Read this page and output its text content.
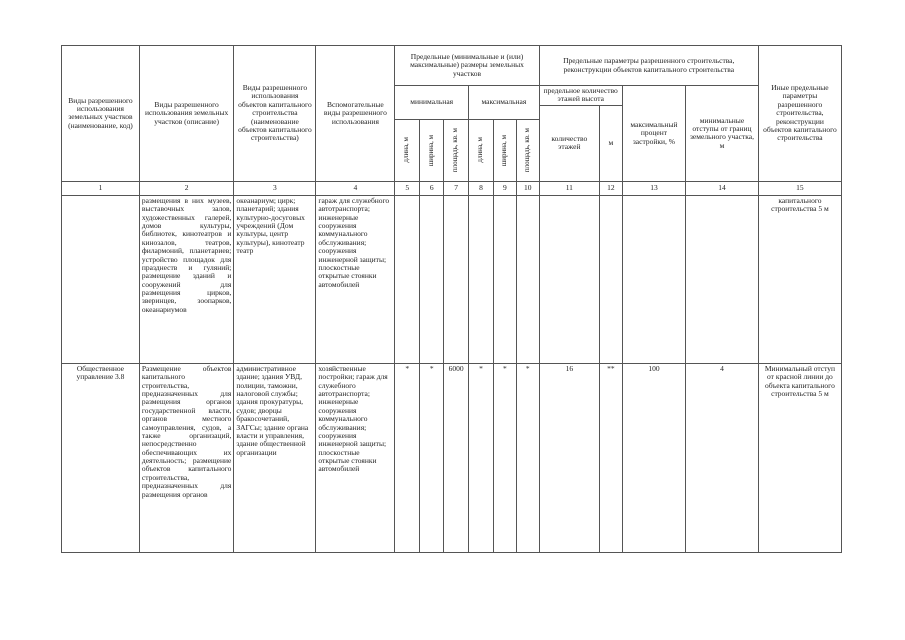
Виды разрешенного использования земельных участков (наименование, код)	Виды разрешенного использования земельных участков (описание)	Виды разрешенного использования объектов капитального строительства (наименование объектов капитального строительства)	Вспомогательные виды разрешенного использования	Предельные (минимальные и (или) максимальные) размеры земельных участков						Предельные параметры разрешенного строительства, реконструкции объектов капитального строительства				Иные предельные параметры разрешенного строительства, реконструкции объектов капитального строительства
				минимальная			максимальная			предельное количество этажей высота		максимальный процент застройки, %	минимальные отступы от границ земельного участка, м	
										количество этажей	м			

				длина, м	ширина, м	площадь, кв. м	длина, м	ширина, м	площадь, кв. м					

1	2	3	4	5	6	7	8	9	10	11	12	13	14	15
	размещения в них музеев, выставочных залов, художественных галерей, домов культуры, библиотек, кинотеатров и кинозалов, театров, филармоний, планетариев; устройство площадок для празднеств и гуляний; размещение зданий и сооружений для размещения цирков, зверинцев, зоопарков, океанариумов	океанариум; цирк; планетарий; здания культурно-досуговых учреждений (Дом культуры, центр культуры), кинотеатр театр	гараж для служебного автотранспорта; инженерные сооружения коммунального обслуживания; сооружения инженерной защиты; плоскостные открытые стоянки автомобилей											капитального строительства 5 м
Общественное управление 3.8	Размещение объектов капитального строительства, предназначенных для размещения органов государственной власти, органов местного самоуправления, судов, а также организаций, непосредственно обеспечивающих их деятельность; размещение объектов капитального строительства, предназначенных для размещения органов	административное здание; здания УВД, полиции, таможни, налоговой службы; здания прокуратуры, судов; дворцы бракосочетаний, ЗАГСы; здание органа власти и управления, здание общественной организации	хозяйственные постройки; гараж для служебного автотранспорта; инженерные сооружения коммунального обслуживания; сооружения инженерной защиты; плоскостные открытые стоянки автомобилей	*	*	6000	*	*	*	16	**	100	4	Минимальный отступ от красной линии до объекта капитального строительства 5 м
